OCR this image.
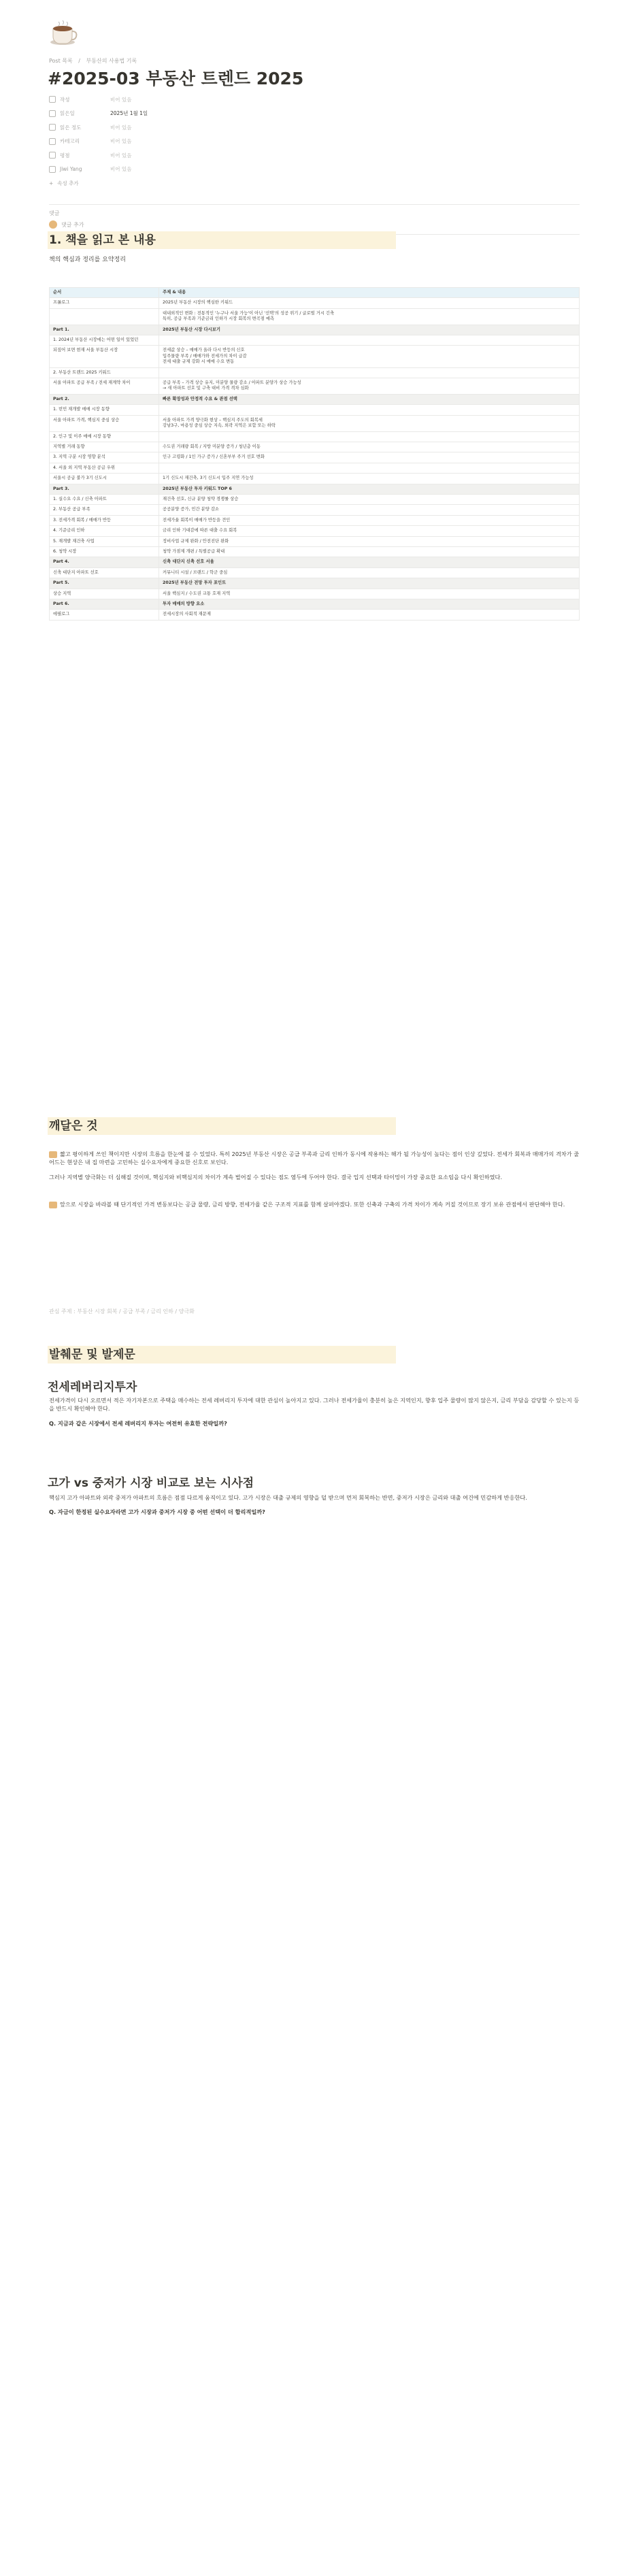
Post 목록 / 부동산의 사용법 기록
#2025-03 부동산 트렌드 2025
작성	비어 있음
읽은일	2025년 1월 1일
읽은 정도	비어 있음
카테고리	비어 있음
평점	비어 있음
Jiwi Yang	비어 있음
+ 속성 추가
댓글
댓글 추가
1. 책을 읽고 본 내용
책의 핵심과 정리를 요약정리
순서	주제 & 내용
프롤로그	2025년 부동산 시장의 핵심한 키워드
	대내외적인 변화 : 전통적인 '누구나 서울 가능'이 아닌 '선택'의 성공 위기 / 글로벌 거시 긴축
특히, 공급 부족과 기준금리 인하가 시장 회복의 변곡점 예측
Part 1.	2025년 부동산 시장 다시보기
1. 2024년 부동산 시장에는 어떤 일이 있었던	
되짚어 보면 현재 서울 부동산 시장	전세값 상승 – 매매가 올라 다시 반등의 신호
입주물량 부족 / 매매가와 전세가의 차이 급감
전세 대출 규제 강화 시 매매 수요 변동
2. 부동산 트렌드 2025 키워드	
서울 아파트 공급 부족 / 전세 재계약 차이	공급 부족 – 가격 상승 유지, 미분양 물량 감소 / 아파트 분양가 상승 가능성
→ 새 아파트 선호 및 구축 대비 가격 격차 심화
Part 2.	빠른 확장성과 안정적 수요 & 관점 선택
1. 빈민 재개발 매매 시장 동향	
서울 아파트 가격, 핵심지 중심 상승	서울 아파트 가격 양극화 현상 – 핵심지 주도의 회복세
강남3구, 마용성 중심 상승 지속, 외곽 지역은 보합 또는 하락
2. 인구 및 이주 매매 시장 동향	
지역별 거래 동향	수도권 거래량 회복 / 지방 미분양 증가 / 청년층 이동
3. 지역 구분 시장 영향 분석	인구 고령화 / 1인 가구 증가 / 신혼부부 주거 선호 변화
4. 서울 외 지역 부동산 공급 우위	
서울시 공급 불가 3기 신도시	1기 신도시 재건축, 3기 신도시 입주 지연 가능성
Part 3.	2025년 부동산 투자 키워드 TOP 6
1. 실수요 수요 / 신축 아파트	재건축 선호, 신규 분양 청약 경쟁률 상승
2. 부동산 공급 부족	공공분양 증가, 민간 분양 감소
3. 전세가격 회복 / 매매가 반등	전세가율 회복이 매매가 반등을 견인
4. 기준금리 인하	금리 인하 기대감에 따른 대출 수요 회복
5. 재개발 재건축 사업	정비사업 규제 완화 / 안전진단 완화
6. 청약 시장	청약 가점제 개편 / 특별공급 확대
Part 4.	신축 대단지 신축 선호 서울
신축 대단지 아파트 선호	커뮤니티 시설 / 브랜드 / 학군 중심
Part 5.	2025년 부동산 전망 투자 포인트
상승 지역	서울 핵심지 / 수도권 교통 호재 지역
Part 6.	투자 매매의 방향 요소
에필로그	전세시장의 사회적 재문제
깨달은 것

짧고 평이하게 쓰인 책이지만 시장의 흐름을 한눈에 볼 수 있었다. 특히 2025년 부동산 시장은 공급 부족과 금리 인하가 동시에 작용하는 해가 될 가능성이 높다는 점이 인상 깊었다. 전세가 회복과 매매가의 격차가 줄어드는 현상은 내 집 마련을 고민하는 실수요자에게 중요한 신호로 보인다.

그러나 지역별 양극화는 더 심해질 것이며, 핵심지와 비핵심지의 차이가 계속 벌어질 수 있다는 점도 염두에 두어야 한다. 결국 입지 선택과 타이밍이 가장 중요한 요소임을 다시 확인하였다.

앞으로 시장을 바라볼 때 단기적인 가격 변동보다는 공급 물량, 금리 방향, 전세가율 같은 구조적 지표를 함께 살펴야겠다. 또한 신축과 구축의 가격 차이가 계속 커질 것이므로 장기 보유 관점에서 판단해야 한다.

관심 주제 : 부동산 시장 회복 / 공급 부족 / 금리 인하 / 양극화
발췌문 및 발제문
전세레버리지투자

전세가격이 다시 오르면서 적은 자기자본으로 주택을 매수하는 전세 레버리지 투자에 대한 관심이 높아지고 있다. 그러나 전세가율이 충분히 높은 지역인지, 향후 입주 물량이 많지 않은지, 금리 부담을 감당할 수 있는지 등을 반드시 확인해야 한다.

Q. 지금과 같은 시장에서 전세 레버리지 투자는 여전히 유효한 전략일까?

고가 vs 중저가 시장 비교로 보는 시사점

핵심지 고가 아파트와 외곽 중저가 아파트의 흐름은 점점 다르게 움직이고 있다. 고가 시장은 대출 규제의 영향을 덜 받으며 먼저 회복하는 반면, 중저가 시장은 금리와 대출 여건에 민감하게 반응한다.

Q. 자금이 한정된 실수요자라면 고가 시장과 중저가 시장 중 어떤 선택이 더 합리적일까?
